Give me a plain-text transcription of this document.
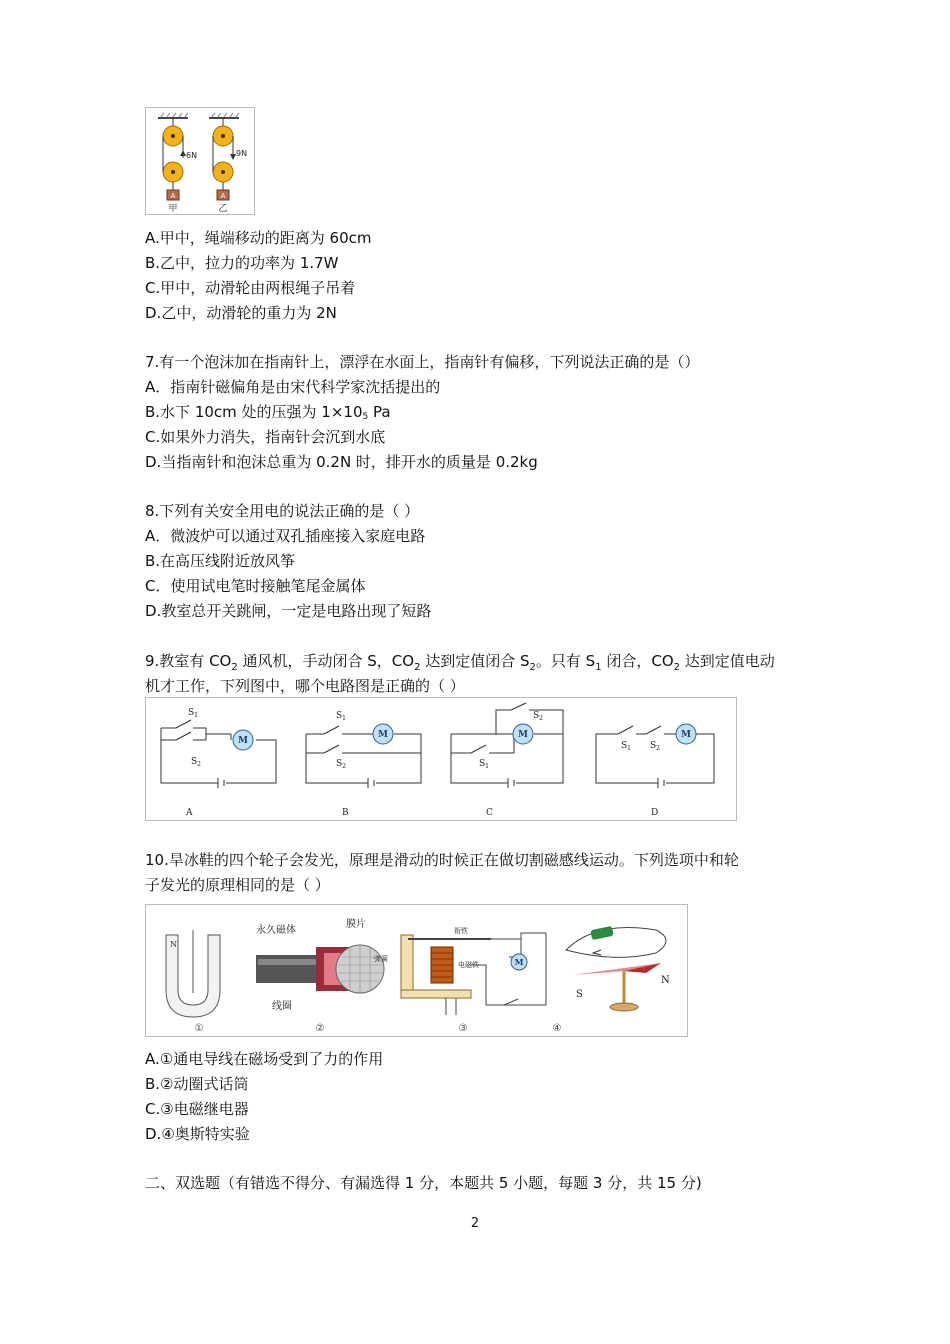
A
6N
甲
A
9N
乙
A.甲中，绳端移动的距离为 60cm
B.乙中，拉力的功率为 1.7W
C.甲中，动滑轮由两根绳子吊着
D.乙中，动滑轮的重力为 2N
7.有一个泡沫加在指南针上，漂浮在水面上，指南针有偏移，下列说法正确的是（）
A．指南针磁偏角是由宋代科学家沈括提出的
B.水下 10cm 处的压强为 1×105 Pa
C.如果外力消失，指南针会沉到水底
D.当指南针和泡沫总重为 0.2N 时，排开水的质量是 0.2kg
8.下列有关安全用电的说法正确的是（ ）
A．微波炉可以通过双孔插座接入家庭电路
B.在高压线附近放风筝
C．使用试电笔时接触笔尾金属体
D.教室总开关跳闸，一定是电路出现了短路
9.教室有 $CO_2$ 通风机，手动闭合 S，$CO_2$ 达到定值闭合 $S_2$。只有 $S_1$ 闭合，$CO_2$ 达到定值电动
机才工作，下列图中，哪个电路图是正确的（ ）
M
M	M	M
$S_1$
$S_2$
$S_1$
$S_2$
$S_2$
$S_1$
$S_1$ $S_2$
A	B	C	D
10.旱冰鞋的四个轮子会发光，原理是滑动的时候正在做切割磁感线运动。下列选项中和轮
子发光的原理相同的是（ ）
N
永久磁体
膜片
线圈
M
弹簧
衔铁
电磁铁
S
N
①	②	③	④
A.①通电导线在磁场受到了力的作用
B.②动圈式话筒
C.③电磁继电器
D.④奥斯特实验
二、双选题（有错选不得分、有漏选得 1 分，本题共 5 小题，每题 3 分，共 15 分)
2
